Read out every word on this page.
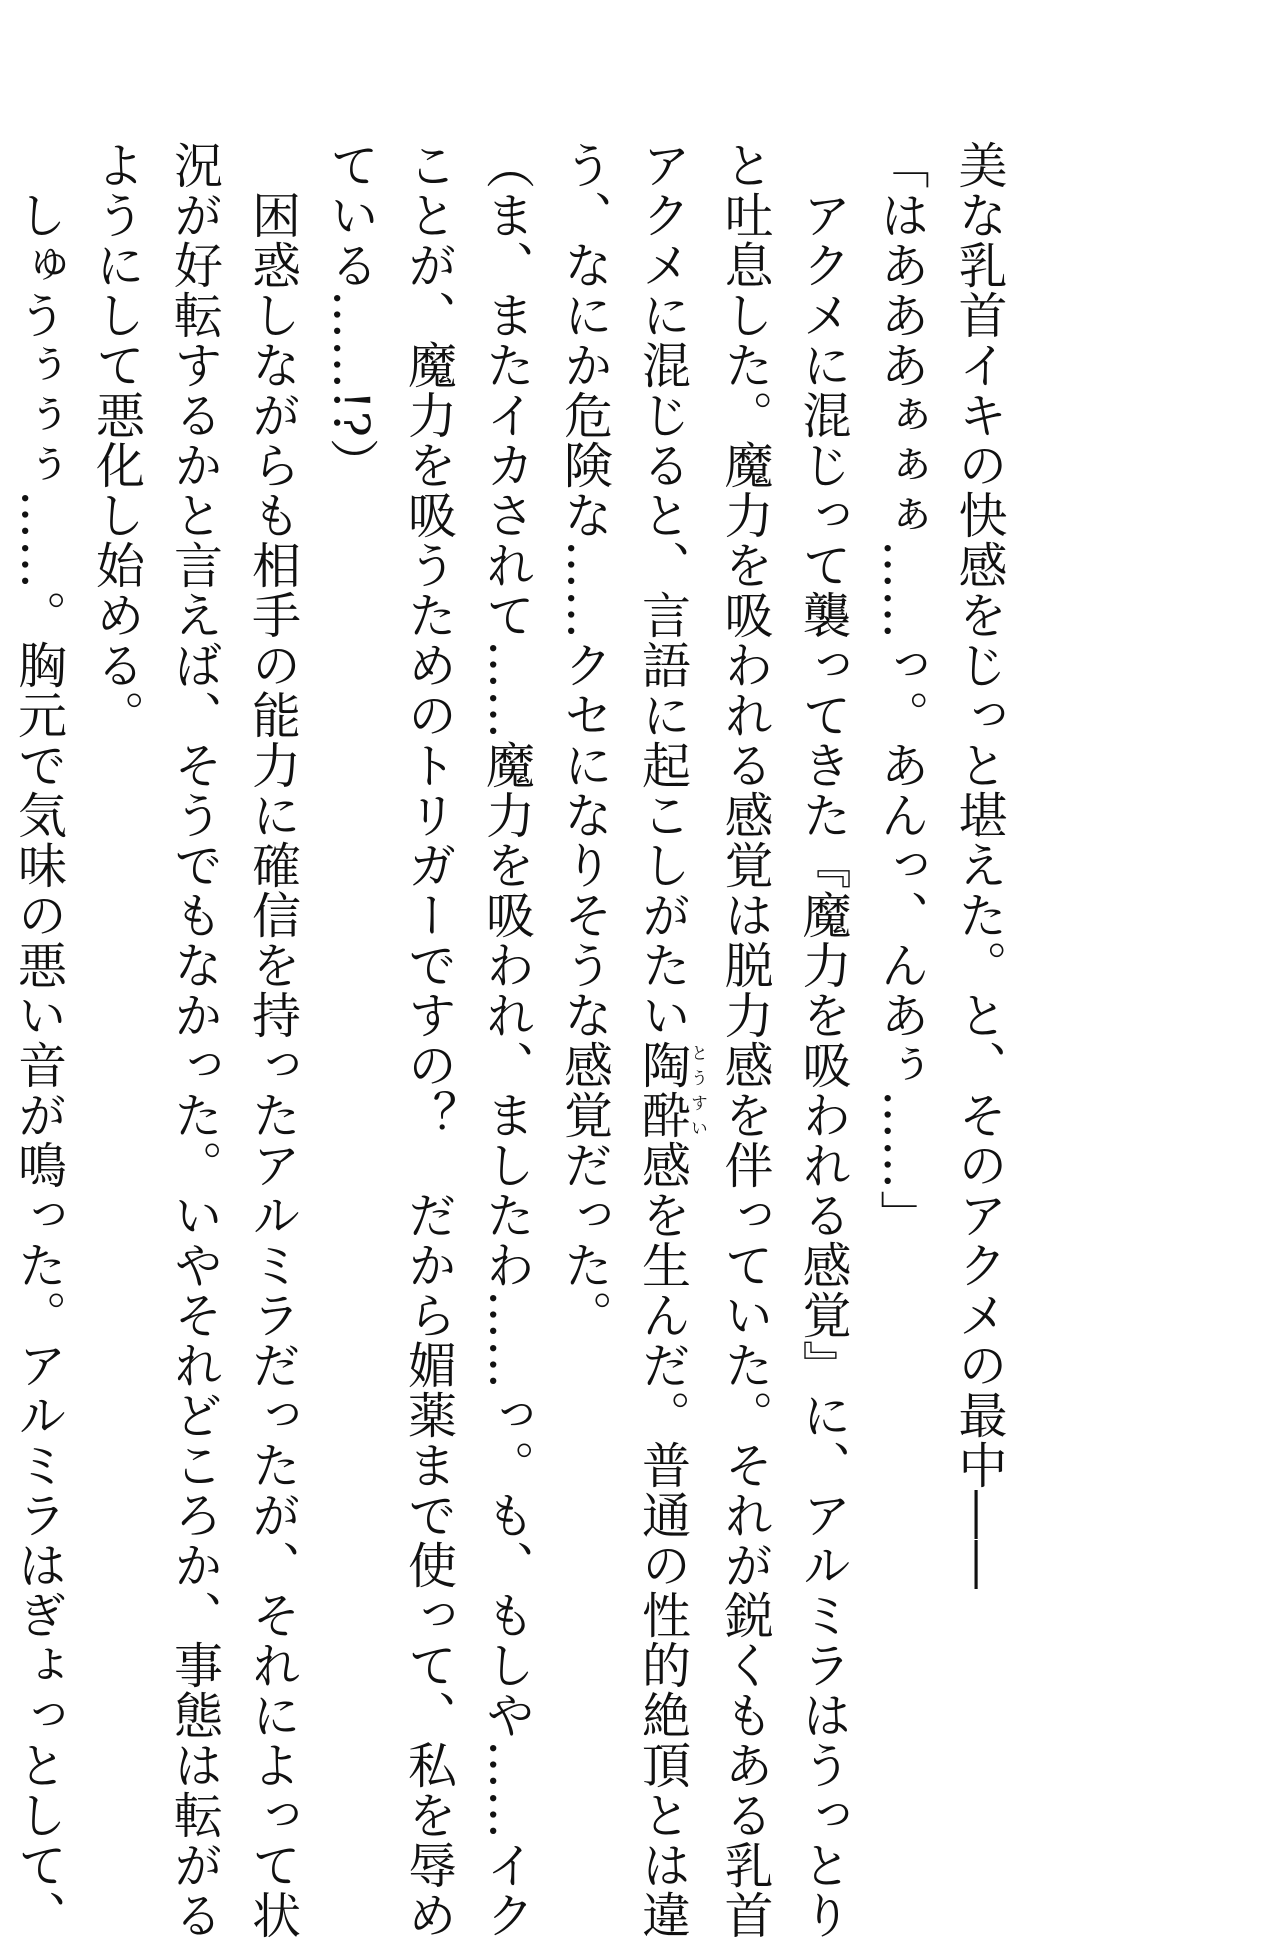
美な乳首イキの快感をじっと堪えた。と、そのアクメの最中――
「はあああぁぁぁ……っ。あんっ、んあぅ……」
　アクメに混じって襲ってきた『魔力を吸われる感覚』に、アルミラはうっとり
と吐息した。魔力を吸われる感覚は脱力感を伴っていた。それが鋭くもある乳首
アクメに混じると、言語に起こしがたい陶酔とうすい感を生んだ。普通の性的絶頂とは違
う、なにか危険な……クセになりそうな感覚だった。
（ま、またイカされて……魔力を吸われ、ましたわ……っ。も、もしや……イク
ことが、魔力を吸うためのトリガーですの？　だから媚薬まで使って、私を辱め
ている……!?）
　困惑しながらも相手の能力に確信を持ったアルミラだったが、それによって状
況が好転するかと言えば、そうでもなかった。いやそれどころか、事態は転がる
ようにして悪化し始める。
　しゅうぅぅぅ……。胸元で気味の悪い音が鳴った。アルミラはぎょっとして、
